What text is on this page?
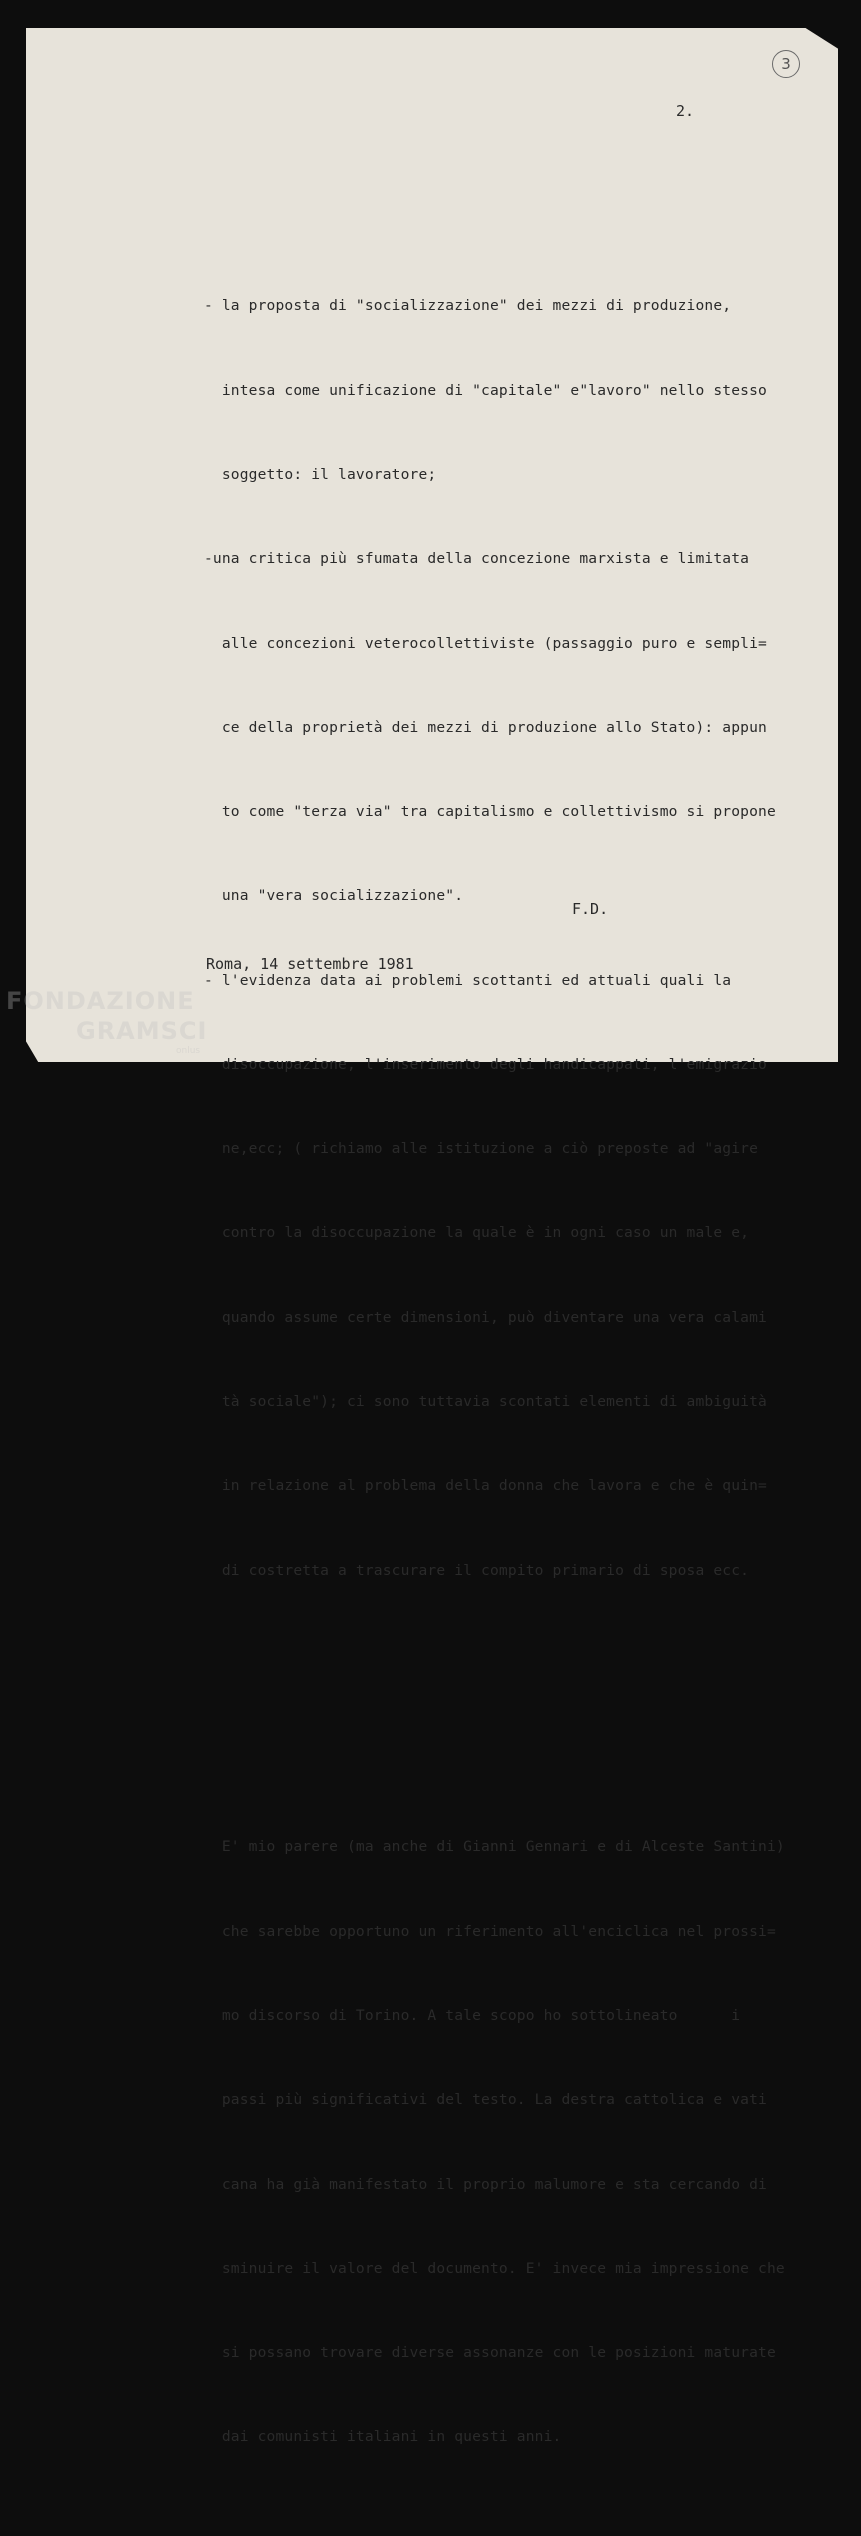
3
2.

- la proposta di "socializzazione" dei mezzi di produzione,

intesa come unificazione di "capitale" e"lavoro" nello stesso

soggetto: il lavoratore;

-una critica più sfumata della concezione marxista e limitata

alle concezioni veterocollettiviste (passaggio puro e sempli=

ce della proprietà dei mezzi di produzione allo Stato): appun

to come "terza via" tra capitalismo e collettivismo si propone

una "vera socializzazione".

- l'evidenza data ai problemi scottanti ed attuali quali la

disoccupazione, l'inserimento degli handicappati, l'emigrazio

ne,ecc; ( richiamo alle istituzione a ciò preposte ad "agire

contro la disoccupazione la quale è in ogni caso un male e,

quando assume certe dimensioni, può diventare una vera calami

tà sociale"); ci sono tuttavia scontati elementi di ambiguità

in relazione al problema della donna che lavora e che è quin=

di costretta a trascurare il compito primario di sposa ecc.

E' mio parere (ma anche di Gianni Gennari e di Alceste Santini)

che sarebbe opportuno un riferimento all'enciclica nel prossi=

mo discorso di Torino. A tale scopo ho sottolineato      i

passi più significativi del testo. La destra cattolica e vati

cana ha già manifestato il proprio malumore e sta cercando di

sminuire il valore del documento. E' invece mia impressione che

si possano trovare diverse assonanze con le posizioni maturate

dai comunisti italiani in questi anni.

F.D.
Roma, 14 settembre 1981
FONDAZIONE
GRAMSCI
onlus
